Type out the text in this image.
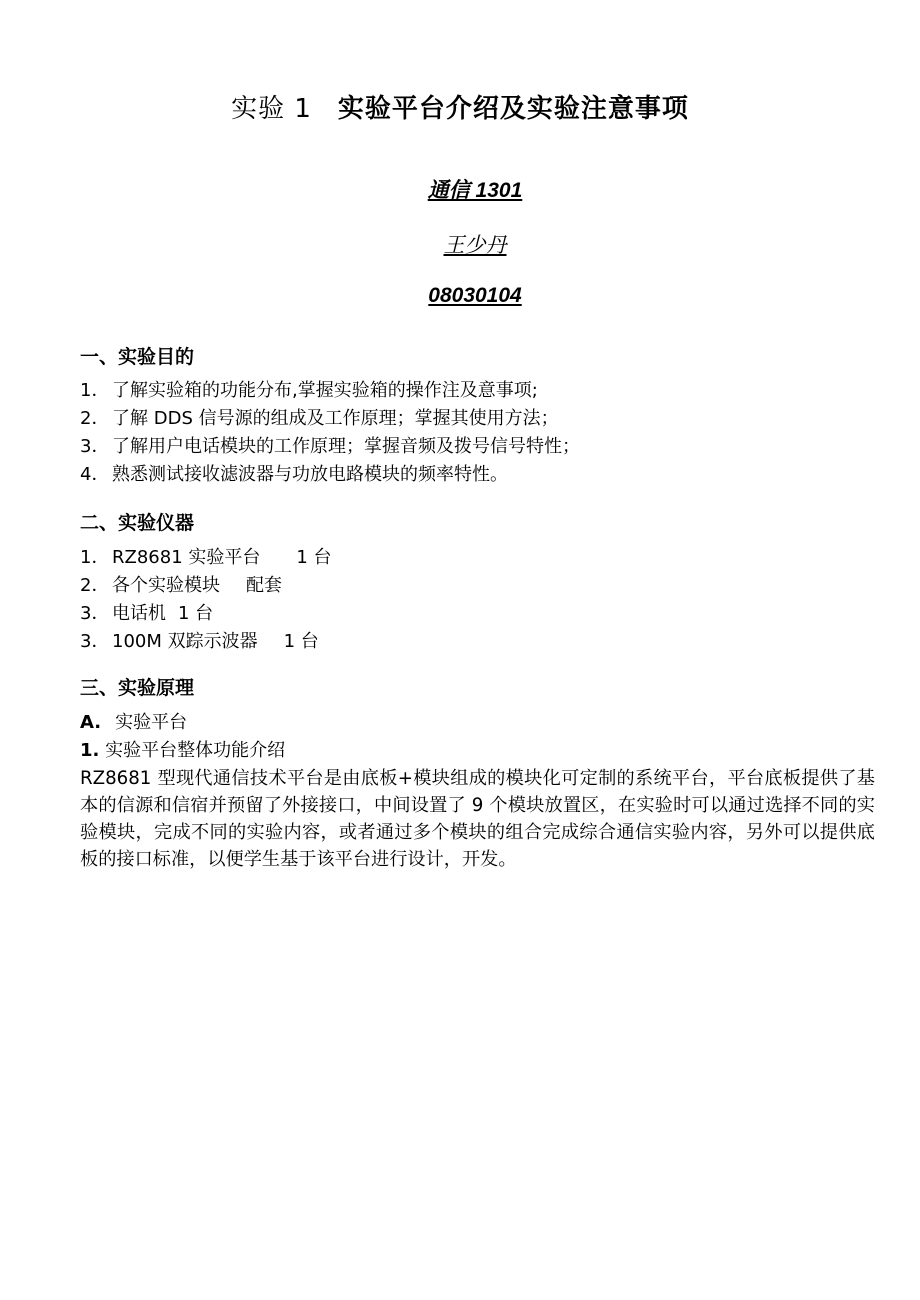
实验 1 实验平台介绍及实验注意事项
通信 1301
王少丹
08030104
一、实验目的
1． 了解实验箱的功能分布,掌握实验箱的操作注及意事项;
2． 了解 DDS 信号源的组成及工作原理；掌握其使用方法；
3． 了解用户电话模块的工作原理；掌握音频及拨号信号特性；
4． 熟悉测试接收滤波器与功放电路模块的频率特性。
二、实验仪器
1． RZ8681 实验平台 1 台
2． 各个实验模块 配套
3． 电话机 1 台
3． 100M 双踪示波器 1 台
三、实验原理
A. 实验平台
1. 实验平台整体功能介绍
RZ8681 型现代通信技术平台是由底板+模块组成的模块化可定制的系统平台，平台底板提供了基本的信源和信宿并预留了外接接口，中间设置了 9 个模块放置区，在实验时可以通过选择不同的实验模块，完成不同的实验内容，或者通过多个模块的组合完成综合通信实验内容，另外可以提供底板的接口标准，以便学生基于该平台进行设计，开发。
